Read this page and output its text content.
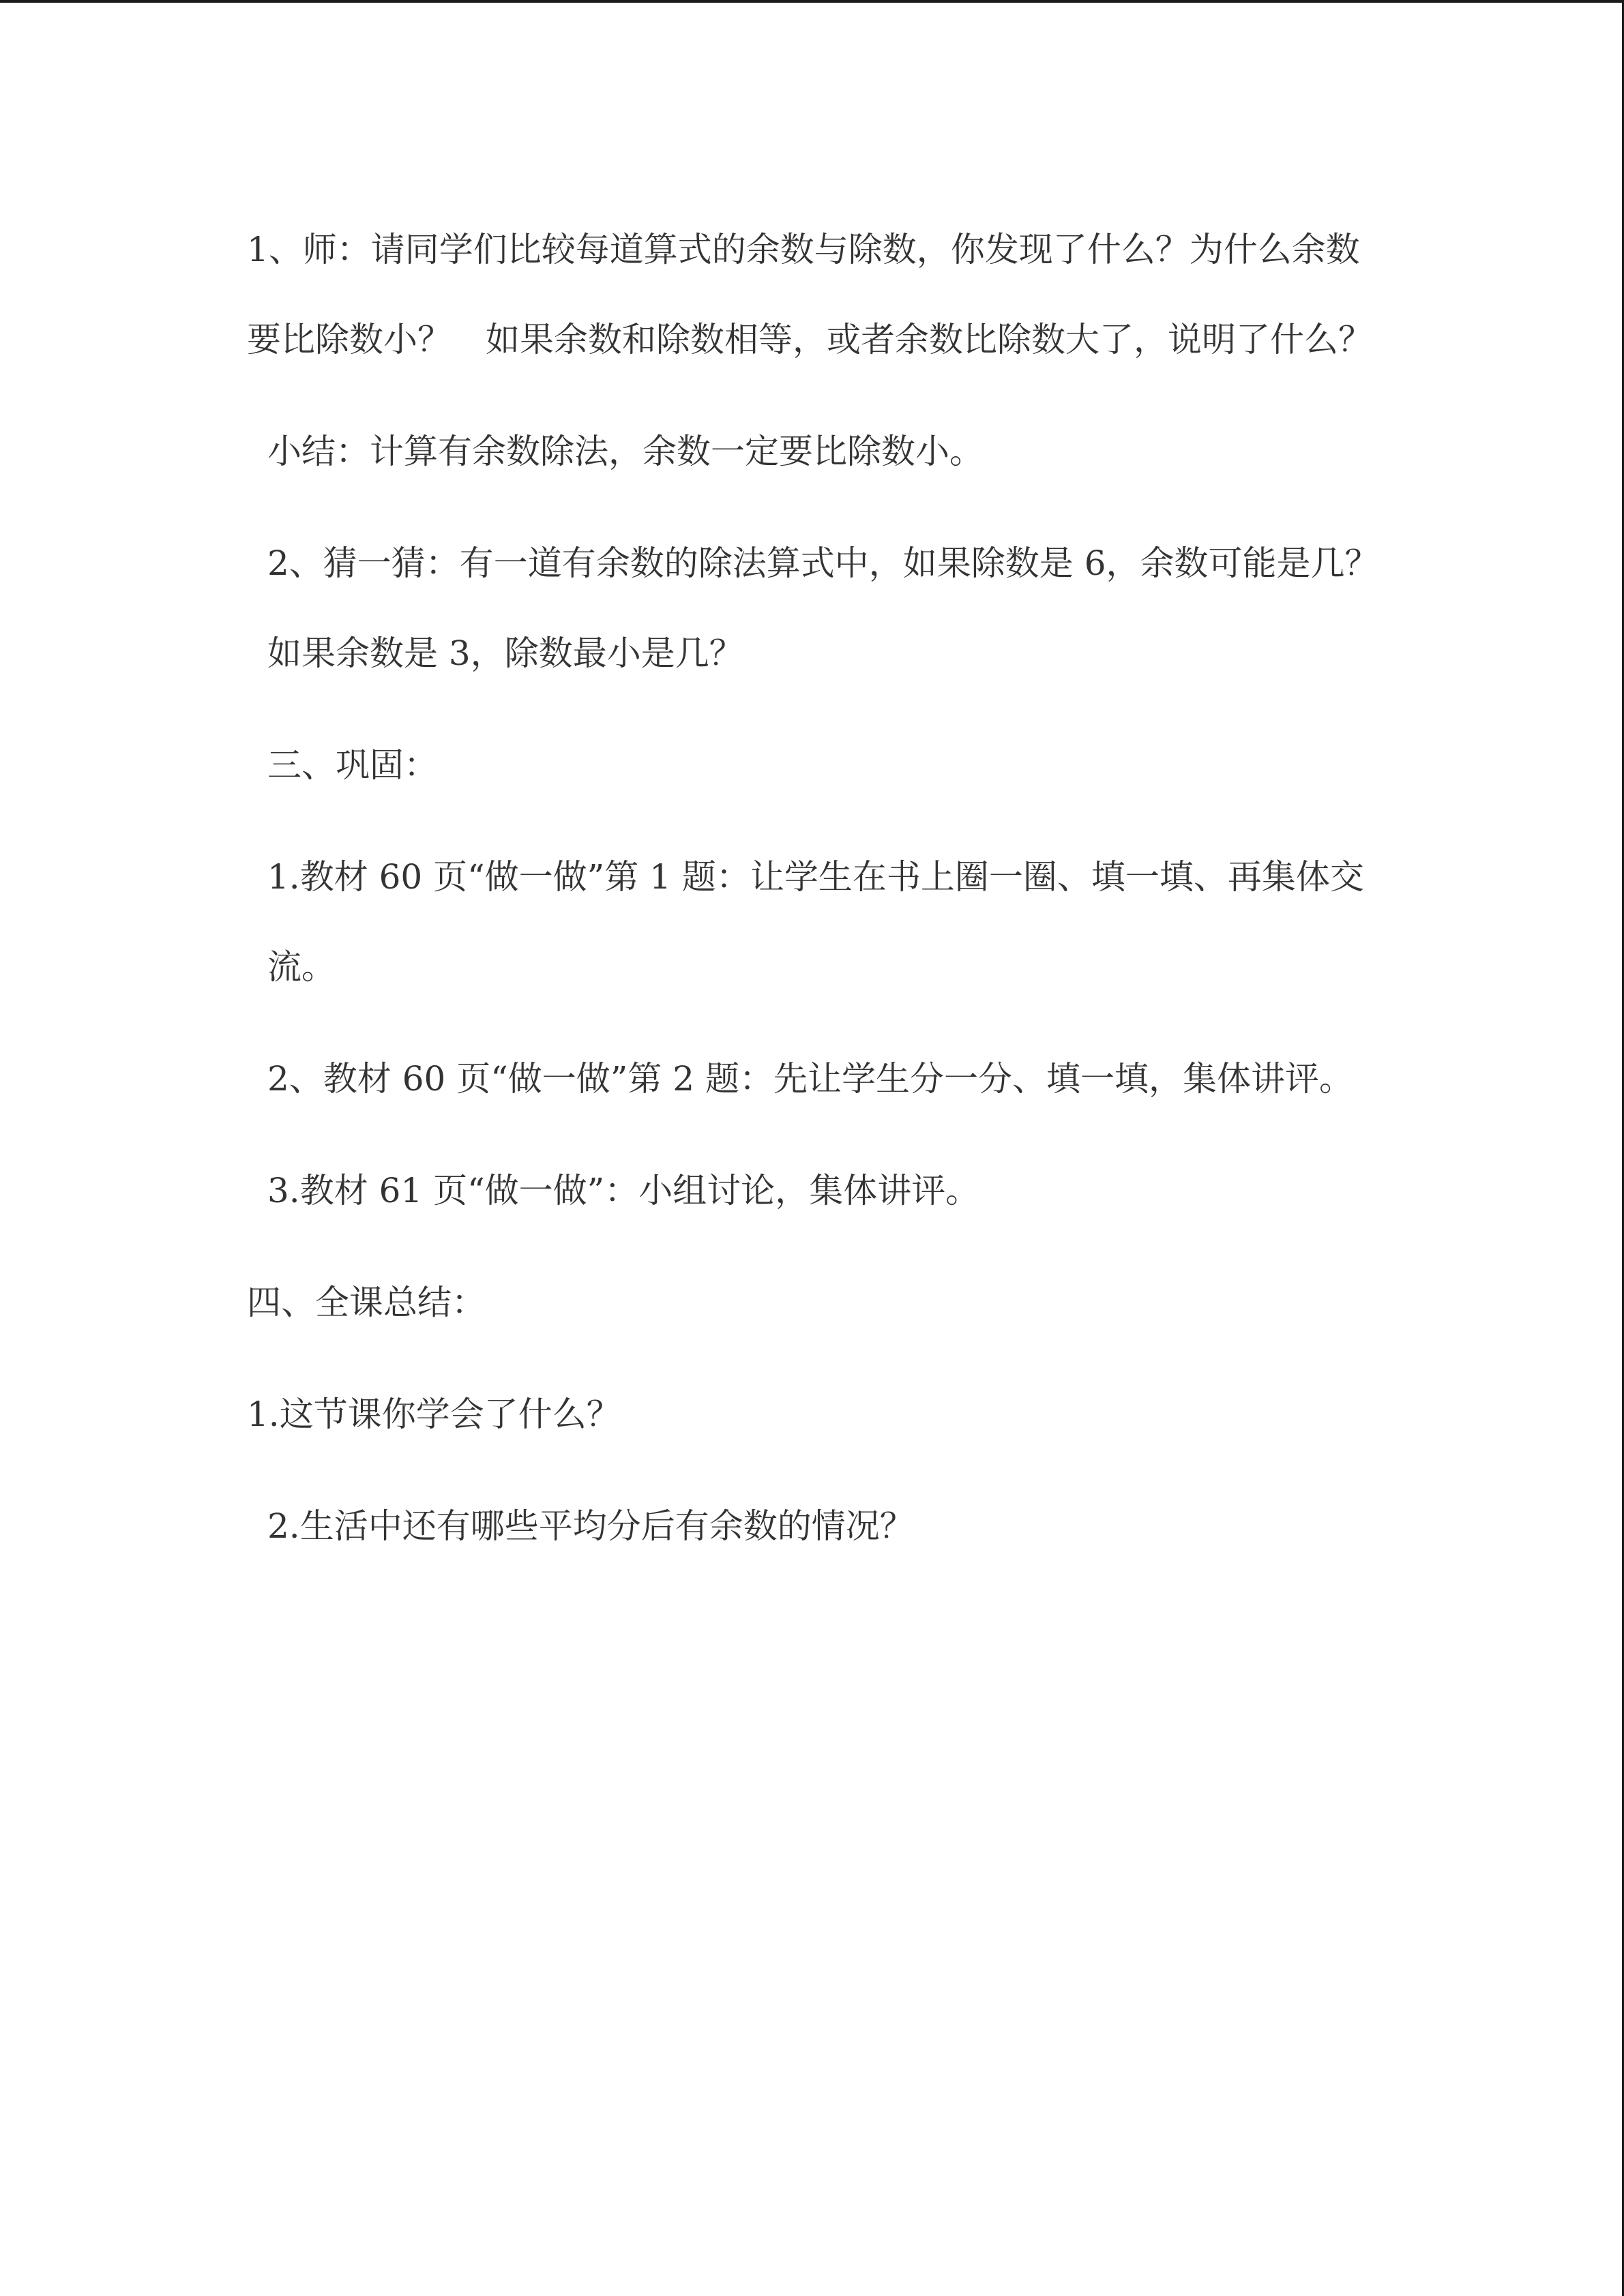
1、师：请同学们比较每道算式的余数与除数，你发现了什么？为什么余数要比除数小？　如果余数和除数相等，或者余数比除数大了，说明了什么？

小结：计算有余数除法，余数一定要比除数小。

2、猜一猜：有一道有余数的除法算式中，如果除数是 6，余数可能是几？如果余数是 3，除数最小是几？

三、巩固：

1.教材 60 页“做一做”第 1 题：让学生在书上圈一圈、填一填、再集体交流。

2、教材 60 页“做一做”第 2 题：先让学生分一分、填一填，集体讲评。

3.教材 61 页“做一做”：小组讨论，集体讲评。

四、全课总结：

1.这节课你学会了什么？

2.生活中还有哪些平均分后有余数的情况？
